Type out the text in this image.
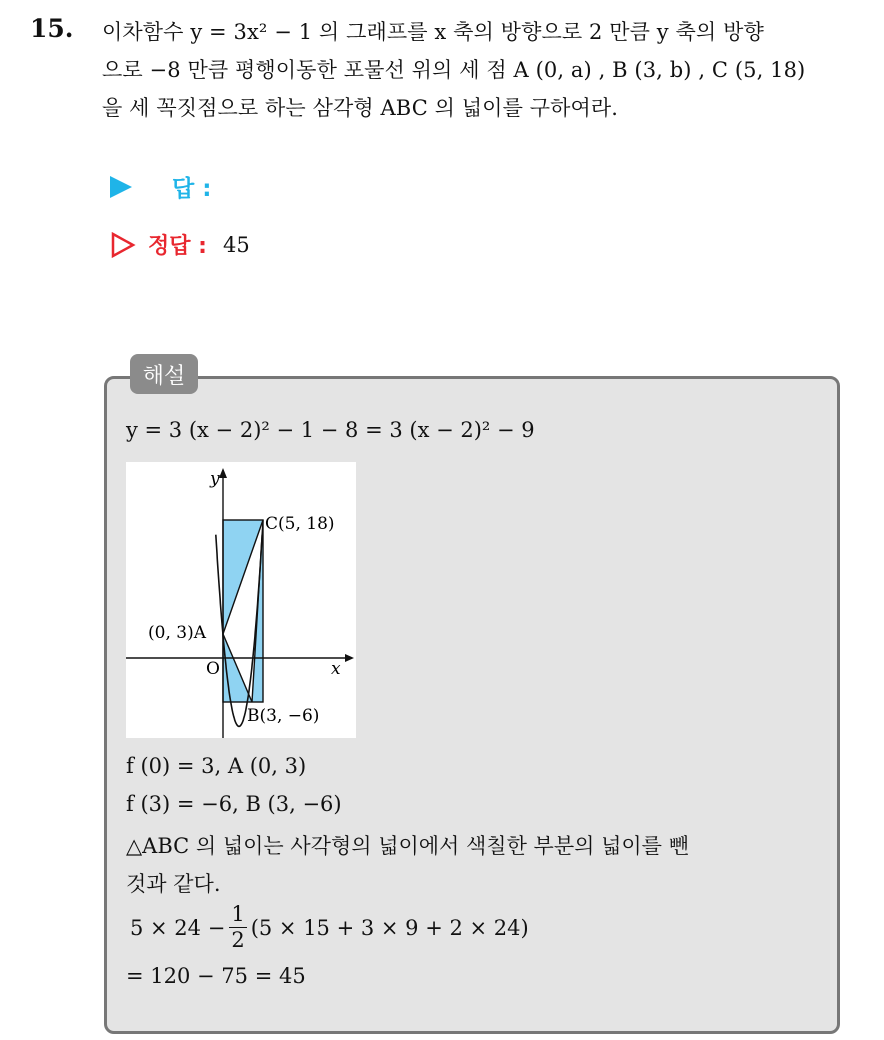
15. 이차함수 y = 3x² − 1 의 그래프를 x 축의 방향으로 2 만큼 y 축의 방향
으로 −8 만큼 평행이동한 포물선 위의 세 점 A (0, a) , B (3, b) , C (5, 18)
을 세 꼭짓점으로 하는 삼각형 ABC 의 넓이를 구하여라.
답 :
정답 : 45
해설
y = 3 (x − 2)² − 1 − 8 = 3 (x − 2)² − 9
y
x
O
(0, 3)A
B(3, −6)
C(5, 18)
f (0) = 3, A (0, 3)
f (3) = −6, B (3, −6)
△ABC 의 넓이는 사각형의 넓이에서 색칠한 부분의 넓이를 뺀
것과 같다.
$5 \times 24 - \frac{1}{2} (5 \times 15 + 3 \times 9 + 2 \times 24)$
= 120 − 75 = 45
